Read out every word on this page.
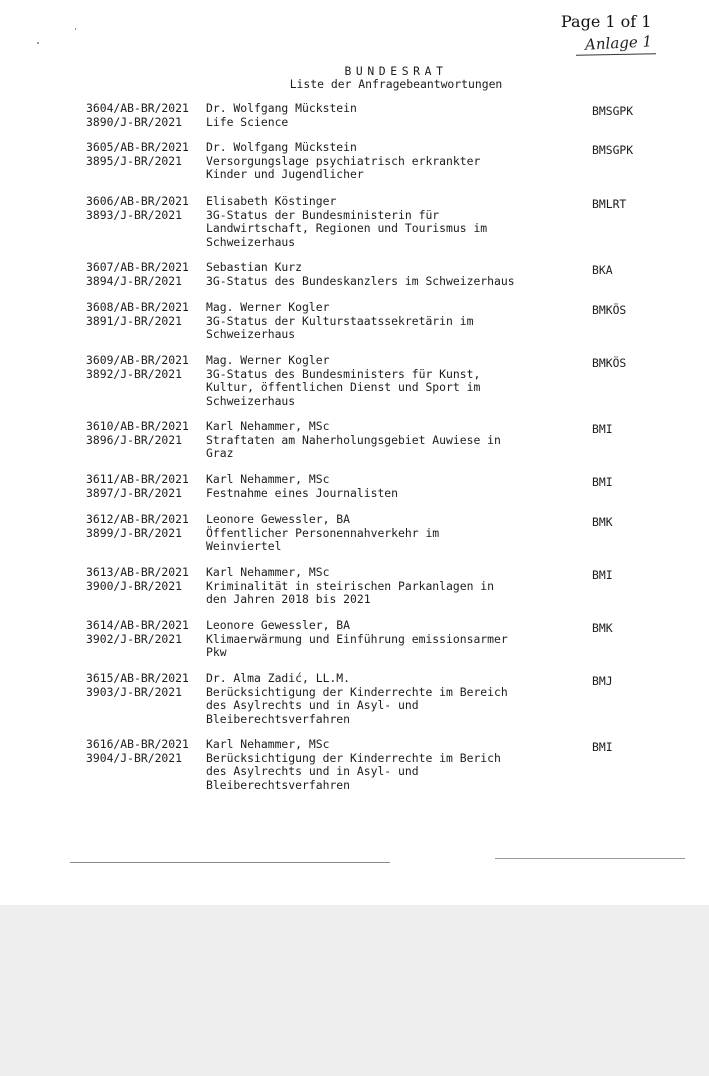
Page 1 of 1
Anlage 1
BUNDESRAT
Liste der Anfragebeantwortungen
3604/AB-BR/2021
3890/J-BR/2021
Dr. Wolfgang Mückstein
Life Science
BMSGPK
3605/AB-BR/2021
3895/J-BR/2021
Dr. Wolfgang Mückstein
Versorgungslage psychiatrisch erkrankter
Kinder und Jugendlicher
BMSGPK
3606/AB-BR/2021
3893/J-BR/2021
Elisabeth Köstinger
3G-Status der Bundesministerin für
Landwirtschaft, Regionen und Tourismus im
Schweizerhaus
BMLRT
3607/AB-BR/2021
3894/J-BR/2021
Sebastian Kurz
3G-Status des Bundeskanzlers im Schweizerhaus
BKA
3608/AB-BR/2021
3891/J-BR/2021
Mag. Werner Kogler
3G-Status der Kulturstaatssekretärin im
Schweizerhaus
BMKÖS
3609/AB-BR/2021
3892/J-BR/2021
Mag. Werner Kogler
3G-Status des Bundesministers für Kunst,
Kultur, öffentlichen Dienst und Sport im
Schweizerhaus
BMKÖS
3610/AB-BR/2021
3896/J-BR/2021
Karl Nehammer, MSc
Straftaten am Naherholungsgebiet Auwiese in
Graz
BMI
3611/AB-BR/2021
3897/J-BR/2021
Karl Nehammer, MSc
Festnahme eines Journalisten
BMI
3612/AB-BR/2021
3899/J-BR/2021
Leonore Gewessler, BA
Öffentlicher Personennahverkehr im
Weinviertel
BMK
3613/AB-BR/2021
3900/J-BR/2021
Karl Nehammer, MSc
Kriminalität in steirischen Parkanlagen in
den Jahren 2018 bis 2021
BMI
3614/AB-BR/2021
3902/J-BR/2021
Leonore Gewessler, BA
Klimaerwärmung und Einführung emissionsarmer
Pkw
BMK
3615/AB-BR/2021
3903/J-BR/2021
Dr. Alma Zadić, LL.M.
Berücksichtigung der Kinderrechte im Bereich
des Asylrechts und in Asyl- und
Bleiberechtsverfahren
BMJ
3616/AB-BR/2021
3904/J-BR/2021
Karl Nehammer, MSc
Berücksichtigung der Kinderrechte im Berich
des Asylrechts und in Asyl- und
Bleiberechtsverfahren
BMI
